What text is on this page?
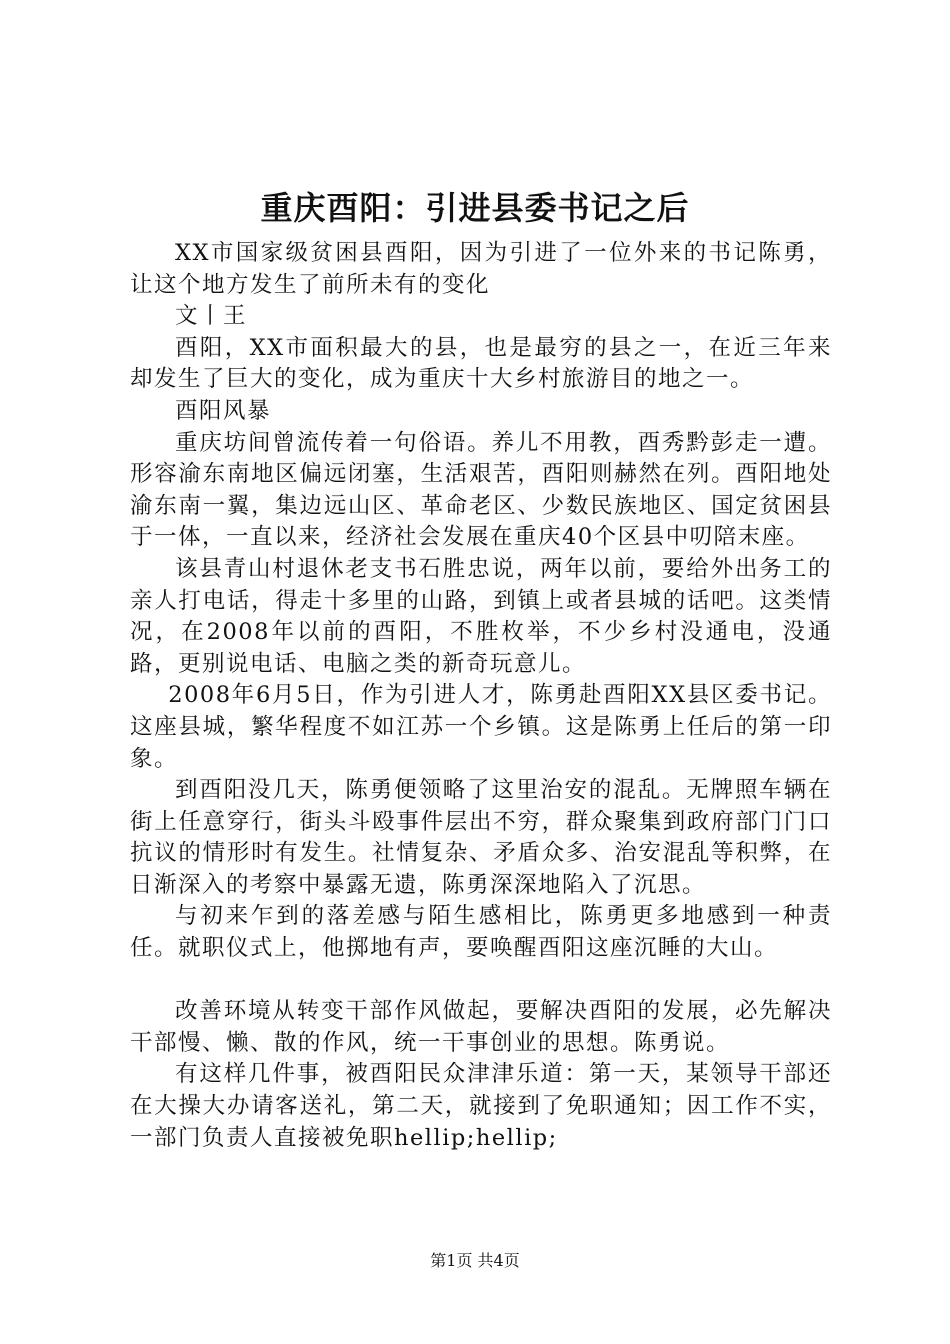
重庆酉阳：引进县委书记之后

XX市国家级贫困县酉阳，因为引进了一位外来的书记陈勇，让这个地方发生了前所未有的变化

文丨王

酉阳，XX市面积最大的县，也是最穷的县之一，在近三年来却发生了巨大的变化，成为重庆十大乡村旅游目的地之一。

酉阳风暴

重庆坊间曾流传着一句俗语。养儿不用教，酉秀黔彭走一遭。形容渝东南地区偏远闭塞，生活艰苦，酉阳则赫然在列。酉阳地处渝东南一翼，集边远山区、革命老区、少数民族地区、国定贫困县于一体，一直以来，经济社会发展在重庆40个区县中叨陪末座。

该县青山村退休老支书石胜忠说，两年以前，要给外出务工的亲人打电话，得走十多里的山路，到镇上或者县城的话吧。这类情况，在2008年以前的酉阳，不胜枚举，不少乡村没通电，没通路，更别说电话、电脑之类的新奇玩意儿。

2008年6月5日，作为引进人才，陈勇赴酉阳XX县区委书记。这座县城，繁华程度不如江苏一个乡镇。这是陈勇上任后的第一印象。

到酉阳没几天，陈勇便领略了这里治安的混乱。无牌照车辆在街上任意穿行，街头斗殴事件层出不穷，群众聚集到政府部门门口抗议的情形时有发生。社情复杂、矛盾众多、治安混乱等积弊，在日渐深入的考察中暴露无遗，陈勇深深地陷入了沉思。

与初来乍到的落差感与陌生感相比，陈勇更多地感到一种责任。就职仪式上，他掷地有声，要唤醒酉阳这座沉睡的大山。

改善环境从转变干部作风做起，要解决酉阳的发展，必先解决干部慢、懒、散的作风，统一干事创业的思想。陈勇说。

有这样几件事，被酉阳民众津津乐道：第一天，某领导干部还在大操大办请客送礼，第二天，就接到了免职通知；因工作不实，一部门负责人直接被免职hellip;hellip;

第1页 共4页
